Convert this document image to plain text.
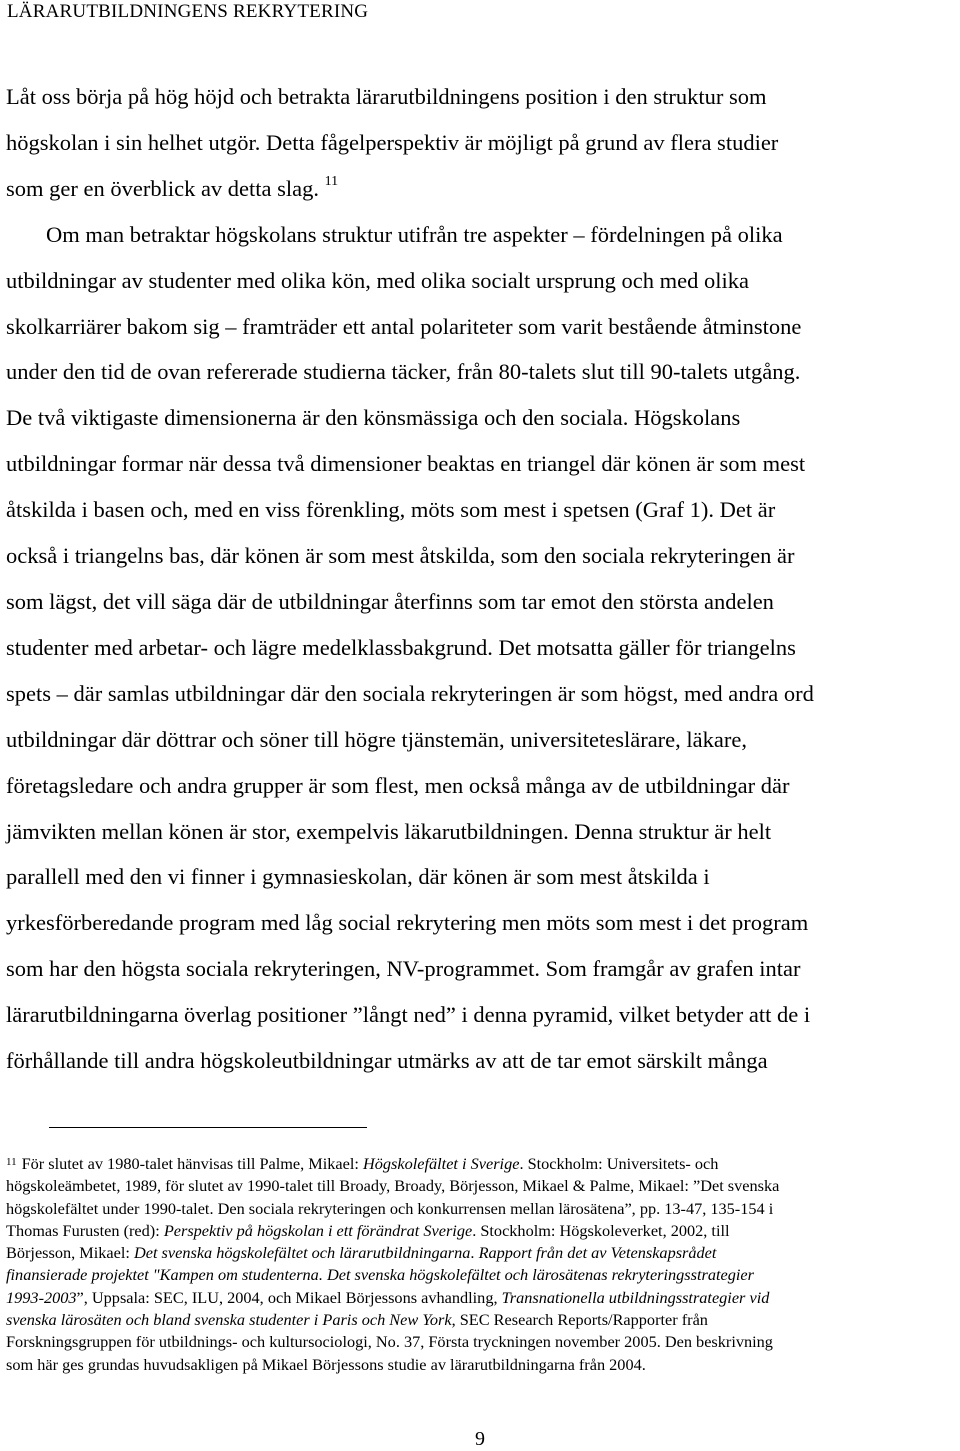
LÄRARUTBILDNINGENS REKRYTERING
Låt oss börja på hög höjd och betrakta lärarutbildningens position i den struktur som
högskolan i sin helhet utgör. Detta fågelperspektiv är möjligt på grund av flera studier
som ger en överblick av detta slag. $^{11}$
Om man betraktar högskolans struktur utifrån tre aspekter – fördelningen på olika
utbildningar av studenter med olika kön, med olika socialt ursprung och med olika
skolkarriärer bakom sig – framträder ett antal polariteter som varit bestående åtminstone
under den tid de ovan refererade studierna täcker, från 80-talets slut till 90-talets utgång.
De två viktigaste dimensionerna är den könsmässiga och den sociala. Högskolans
utbildningar formar när dessa två dimensioner beaktas en triangel där könen är som mest
åtskilda i basen och, med en viss förenkling, möts som mest i spetsen (Graf 1). Det är
också i triangelns bas, där könen är som mest åtskilda, som den sociala rekryteringen är
som lägst, det vill säga där de utbildningar återfinns som tar emot den största andelen
studenter med arbetar- och lägre medelklassbakgrund. Det motsatta gäller för triangelns
spets – där samlas utbildningar där den sociala rekryteringen är som högst, med andra ord
utbildningar där döttrar och söner till högre tjänstemän, universiteteslärare, läkare,
företagsledare och andra grupper är som flest, men också många av de utbildningar där
jämvikten mellan könen är stor, exempelvis läkarutbildningen. Denna struktur är helt
parallell med den vi finner i gymnasieskolan, där könen är som mest åtskilda i
yrkesförberedande program med låg social rekrytering men möts som mest i det program
som har den högsta sociala rekryteringen, NV-programmet. Som framgår av grafen intar
lärarutbildningarna överlag positioner ”långt ned” i denna pyramid, vilket betyder att de i
förhållande till andra högskoleutbildningar utmärks av att de tar emot särskilt många
$^{11}$ För slutet av 1980-talet hänvisas till Palme, Mikael: Högskolefältet i Sverige. Stockholm: Universitets- och
högskoleämbetet, 1989, för slutet av 1990-talet till Broady, Broady, Börjesson, Mikael & Palme, Mikael: ”Det svenska
högskolefältet under 1990-talet. Den sociala rekryteringen och konkurrensen mellan lärosätena”, pp. 13-47, 135-154 i
Thomas Furusten (red): Perspektiv på högskolan i ett förändrat Sverige. Stockholm: Högskoleverket, 2002, till
Börjesson, Mikael: Det svenska högskolefältet och lärarutbildningarna. Rapport från det av Vetenskapsrådet
finansierade projektet "Kampen om studenterna. Det svenska högskolefältet och lärosätenas rekryteringsstrategier
1993-2003”, Uppsala: SEC, ILU, 2004, och Mikael Börjessons avhandling, Transnationella utbildningsstrategier vid
svenska lärosäten och bland svenska studenter i Paris och New York, SEC Research Reports/Rapporter från
Forskningsgruppen för utbildnings- och kultursociologi, No. 37, Första tryckningen november 2005. Den beskrivning
som här ges grundas huvudsakligen på Mikael Börjessons studie av lärarutbildningarna från 2004.
9
